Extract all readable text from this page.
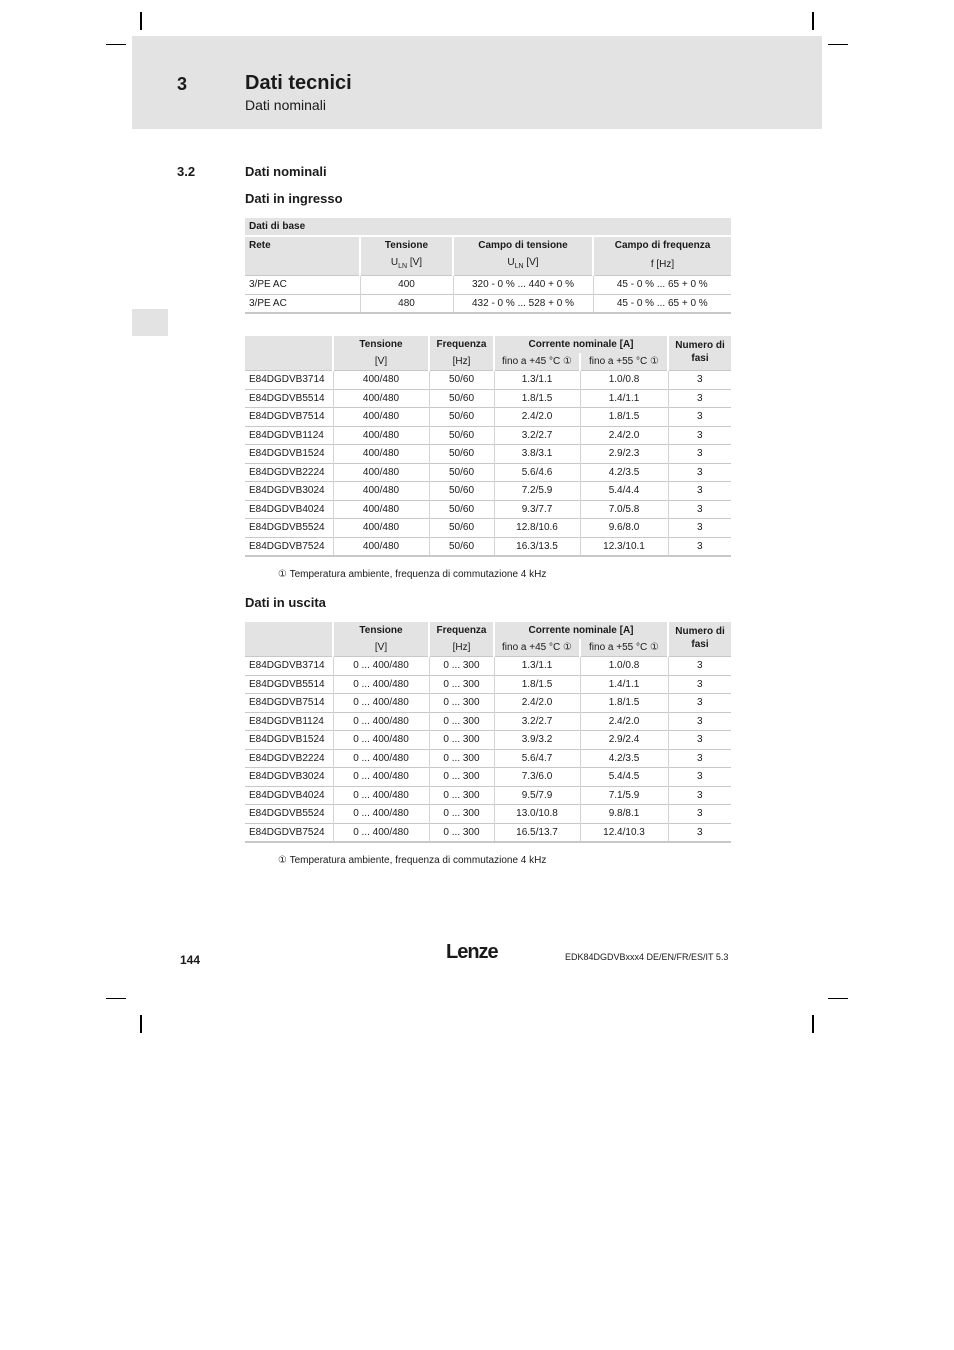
3	Dati tecnici
Dati nominali
3.2	Dati nominali
Dati in ingresso
Dati di base			
Rete	Tensione	Campo di tensione	Campo di frequenza
	$U_{LN}$ [V]	$U_{LN}$ [V]	f [Hz]
3/PE AC	400	320 - 0 % ... 440 + 0 %	45 - 0 % ... 65 + 0 %
3/PE AC	480	432 - 0 % ... 528 + 0 %	45 - 0 % ... 65 + 0 %
	Tensione	Frequenza	Corrente nominale [A]		Numero di fasi
	[V]	[Hz]	fino a +45 °C ①	fino a +55 °C ①	
E84DGDVB3714	400/480	50/60	1.3/1.1	1.0/0.8	3
E84DGDVB5514	400/480	50/60	1.8/1.5	1.4/1.1	3
E84DGDVB7514	400/480	50/60	2.4/2.0	1.8/1.5	3
E84DGDVB1124	400/480	50/60	3.2/2.7	2.4/2.0	3
E84DGDVB1524	400/480	50/60	3.8/3.1	2.9/2.3	3
E84DGDVB2224	400/480	50/60	5.6/4.6	4.2/3.5	3
E84DGDVB3024	400/480	50/60	7.2/5.9	5.4/4.4	3
E84DGDVB4024	400/480	50/60	9.3/7.7	7.0/5.8	3
E84DGDVB5524	400/480	50/60	12.8/10.6	9.6/8.0	3
E84DGDVB7524	400/480	50/60	16.3/13.5	12.3/10.1	3
① Temperatura ambiente, frequenza di commutazione 4 kHz
Dati in uscita
	Tensione	Frequenza	Corrente nominale [A]		Numero di fasi
	[V]	[Hz]	fino a +45 °C ①	fino a +55 °C ①	
E84DGDVB3714	0 ... 400/480	0 ... 300	1.3/1.1	1.0/0.8	3
E84DGDVB5514	0 ... 400/480	0 ... 300	1.8/1.5	1.4/1.1	3
E84DGDVB7514	0 ... 400/480	0 ... 300	2.4/2.0	1.8/1.5	3
E84DGDVB1124	0 ... 400/480	0 ... 300	3.2/2.7	2.4/2.0	3
E84DGDVB1524	0 ... 400/480	0 ... 300	3.9/3.2	2.9/2.4	3
E84DGDVB2224	0 ... 400/480	0 ... 300	5.6/4.7	4.2/3.5	3
E84DGDVB3024	0 ... 400/480	0 ... 300	7.3/6.0	5.4/4.5	3
E84DGDVB4024	0 ... 400/480	0 ... 300	9.5/7.9	7.1/5.9	3
E84DGDVB5524	0 ... 400/480	0 ... 300	13.0/10.8	9.8/8.1	3
E84DGDVB7524	0 ... 400/480	0 ... 300	16.5/13.7	12.4/10.3	3
① Temperatura ambiente, frequenza di commutazione 4 kHz
144	Lenze	EDK84DGDVBxxx4 DE/EN/FR/ES/IT 5.3
